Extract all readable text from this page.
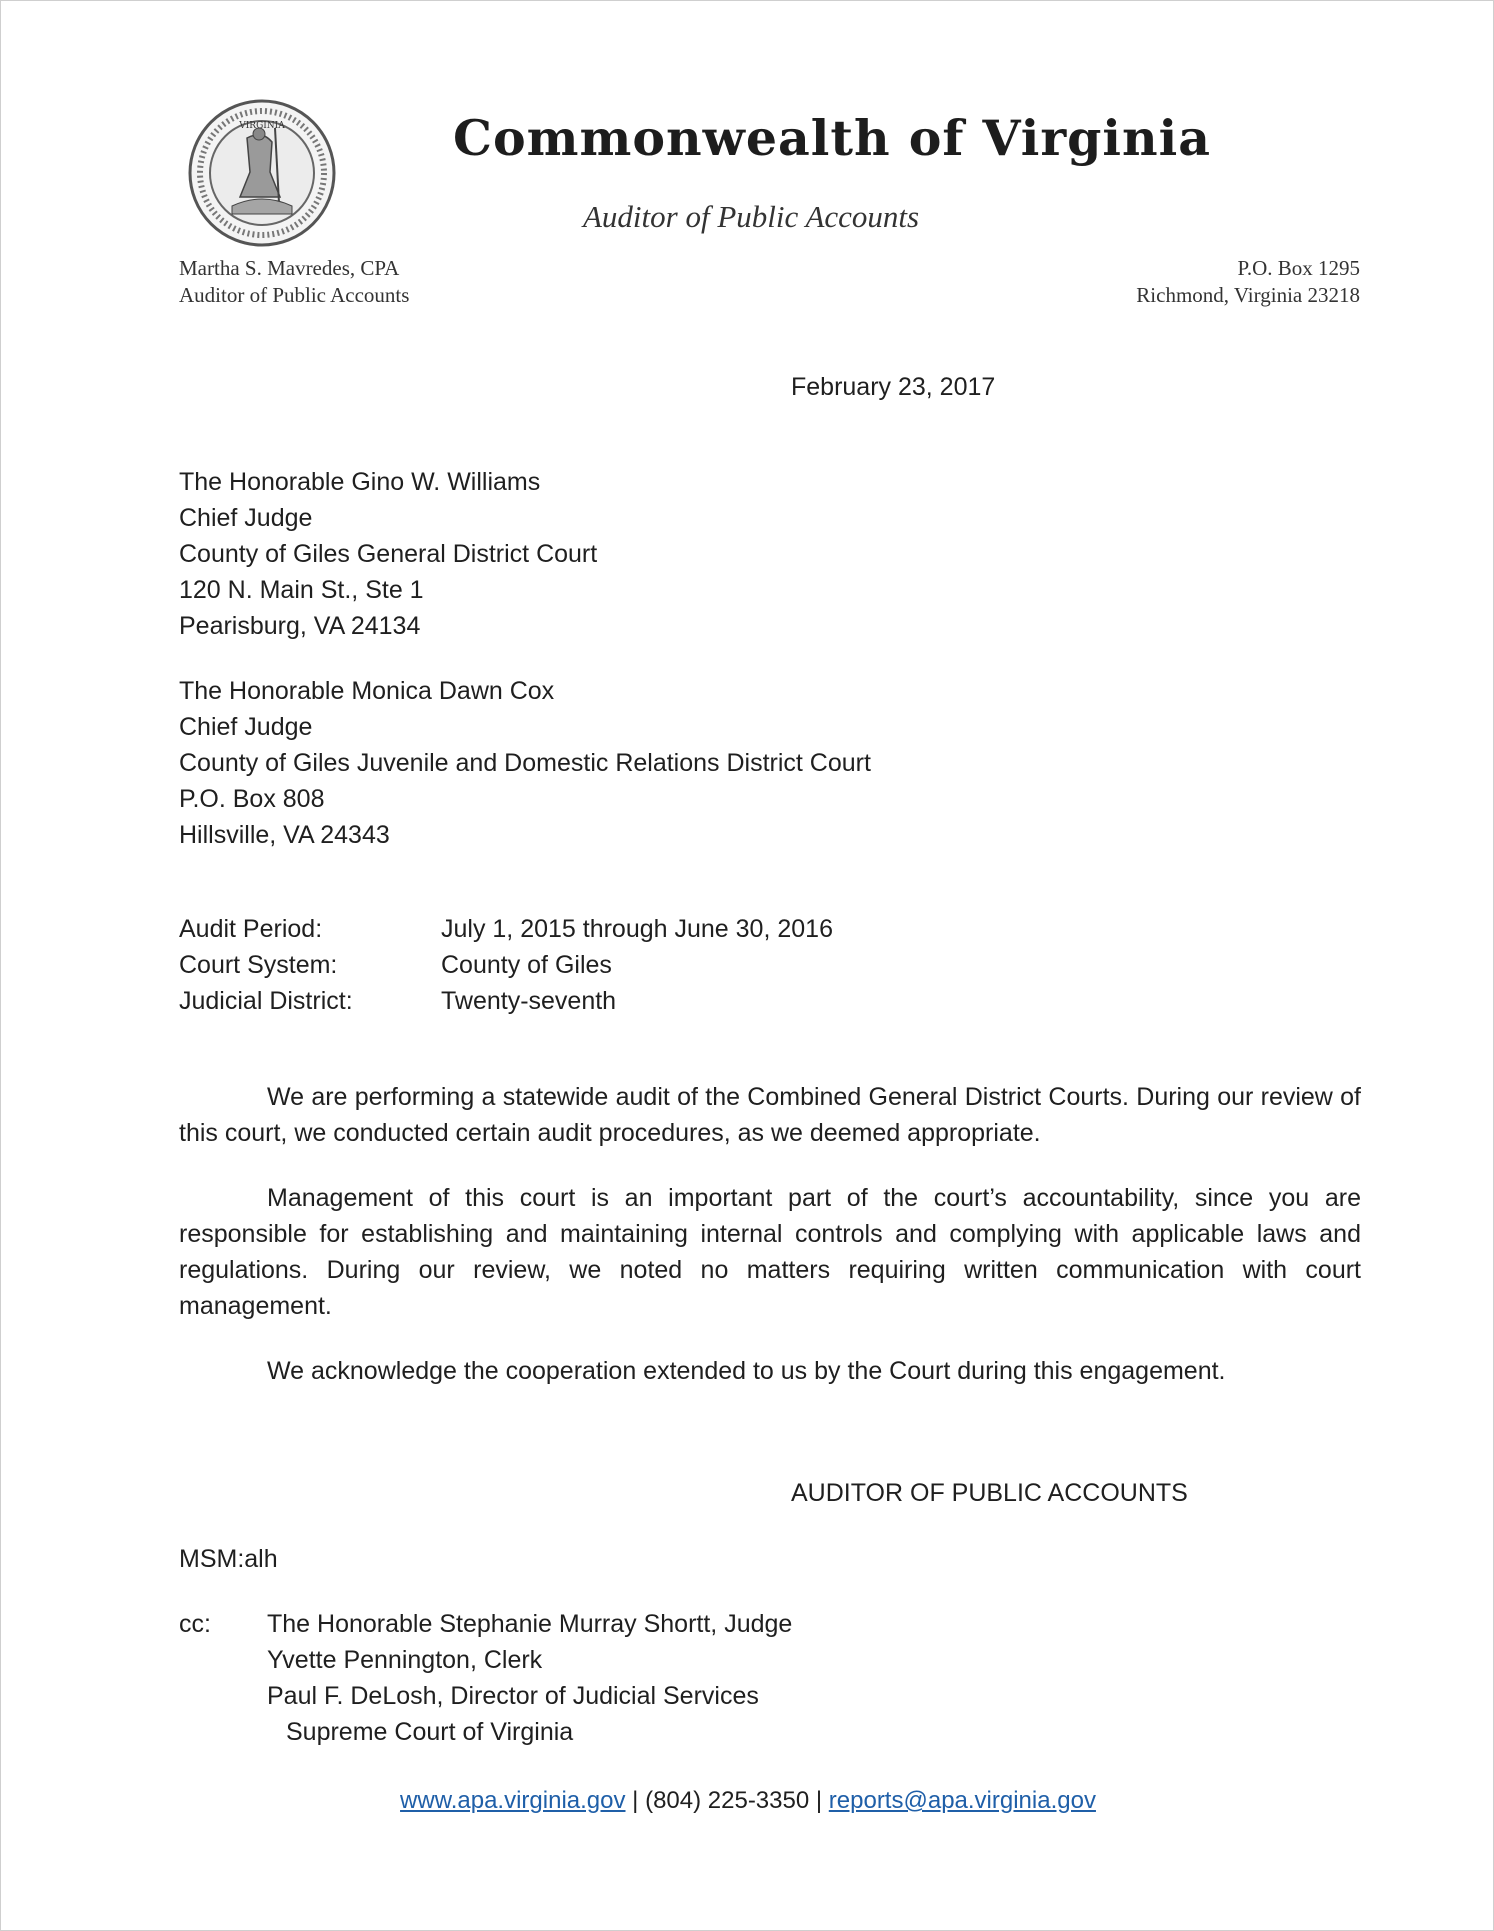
VIRGINIA	Commonwealth of Virginia
Auditor of Public Accounts
Martha S. Mavredes, CPA
Auditor of Public Accounts
P.O. Box 1295
Richmond, Virginia 23218
February 23, 2017
The Honorable Gino W. Williams
Chief Judge
County of Giles General District Court
120 N. Main St., Ste 1
Pearisburg, VA 24134
The Honorable Monica Dawn Cox
Chief Judge
County of Giles Juvenile and Domestic Relations District Court
P.O. Box 808
Hillsville, VA 24343
Audit Period:	July 1, 2015 through June 30, 2016
Court System:	County of Giles
Judicial District:	Twenty-seventh

We are performing a statewide audit of the Combined General District Courts. During our review of this court, we conducted certain audit procedures, as we deemed appropriate.

Management of this court is an important part of the court’s accountability, since you are responsible for establishing and maintaining internal controls and complying with applicable laws and regulations. During our review, we noted no matters requiring written communication with court management.

We acknowledge the cooperation extended to us by the Court during this engagement.

AUDITOR OF PUBLIC ACCOUNTS
MSM:alh
cc: The Honorable Stephanie Murray Shortt, Judge
Yvette Pennington, Clerk
Paul F. DeLosh, Director of Judicial Services
Supreme Court of Virginia
www.apa.virginia.gov | (804) 225-3350 | reports@apa.virginia.gov
